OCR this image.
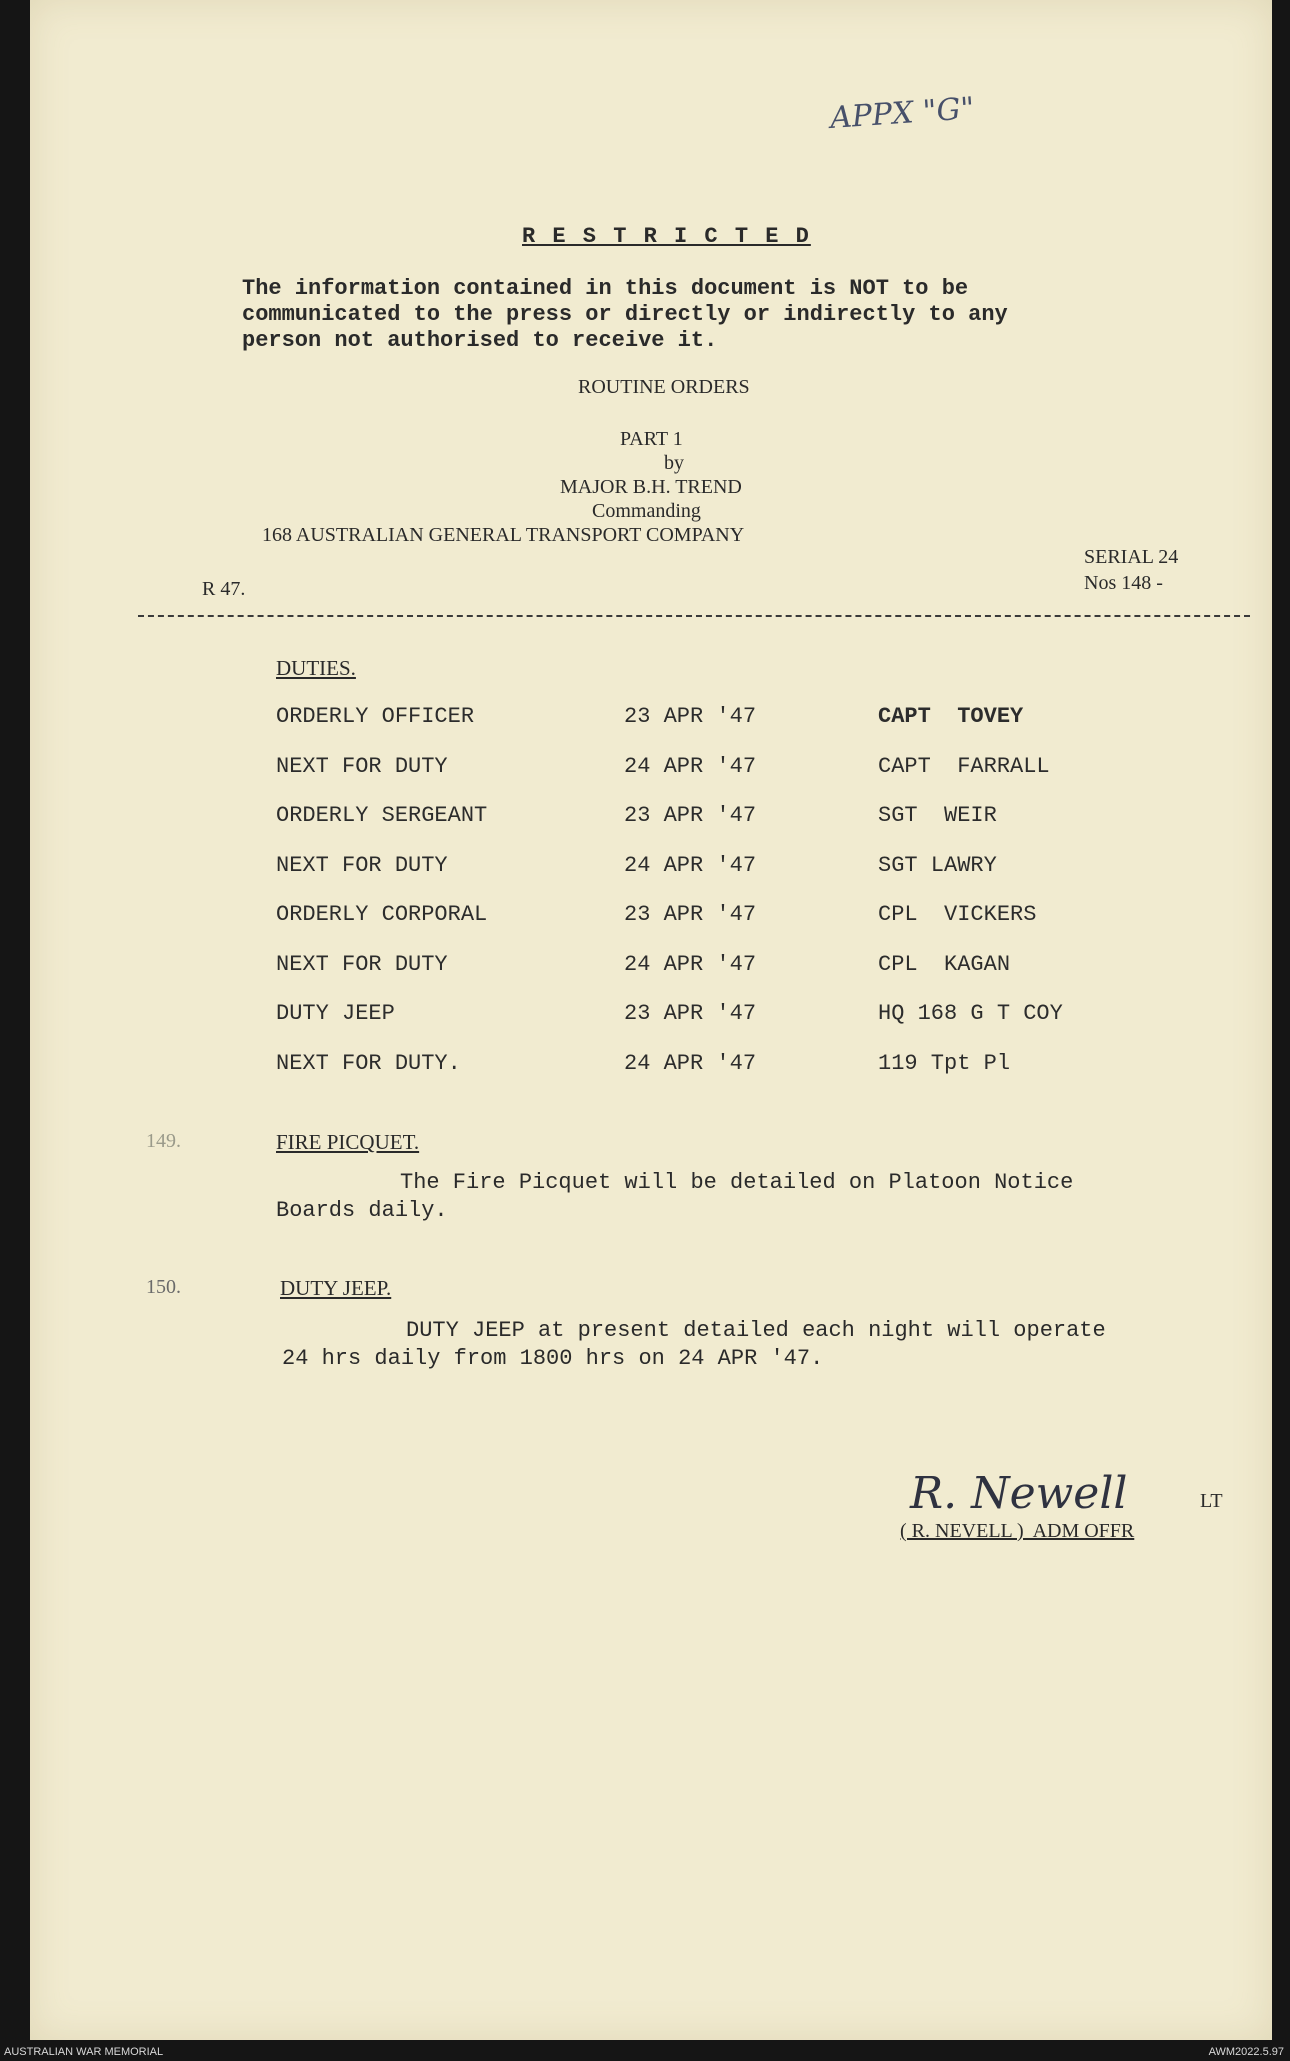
APPX "G"
R E S T R I C T E D
The information contained in this document is NOT to be
communicated to the press or directly or indirectly to any
person not authorised to receive it.
ROUTINE ORDERS
PART 1
by
MAJOR B.H. TREND
Commanding
168 AUSTRALIAN GENERAL TRANSPORT COMPANY
R 47.
SERIAL 24
Nos 148 -
DUTIES.
ORDERLY OFFICER	23 APR '47	CAPT  TOVEY
NEXT FOR DUTY	24 APR '47	CAPT  FARRALL
ORDERLY SERGEANT	23 APR '47	SGT  WEIR
NEXT FOR DUTY	24 APR '47	SGT LAWRY
ORDERLY CORPORAL	23 APR '47	CPL  VICKERS
NEXT FOR DUTY	24 APR '47	CPL  KAGAN
DUTY JEEP	23 APR '47	HQ 168 G T COY
NEXT FOR DUTY.	24 APR '47	119 Tpt Pl
149.	FIRE PICQUET.
The Fire Picquet will be detailed on Platoon Notice
Boards daily.
150.	DUTY JEEP.
DUTY JEEP at present detailed each night will operate
24 hrs daily from 1800 hrs on 24 APR '47.
R. Newell	LT
( R. NEVELL )  ADM OFFR
AUSTRALIAN WAR MEMORIAL	AWM2022.5.97
